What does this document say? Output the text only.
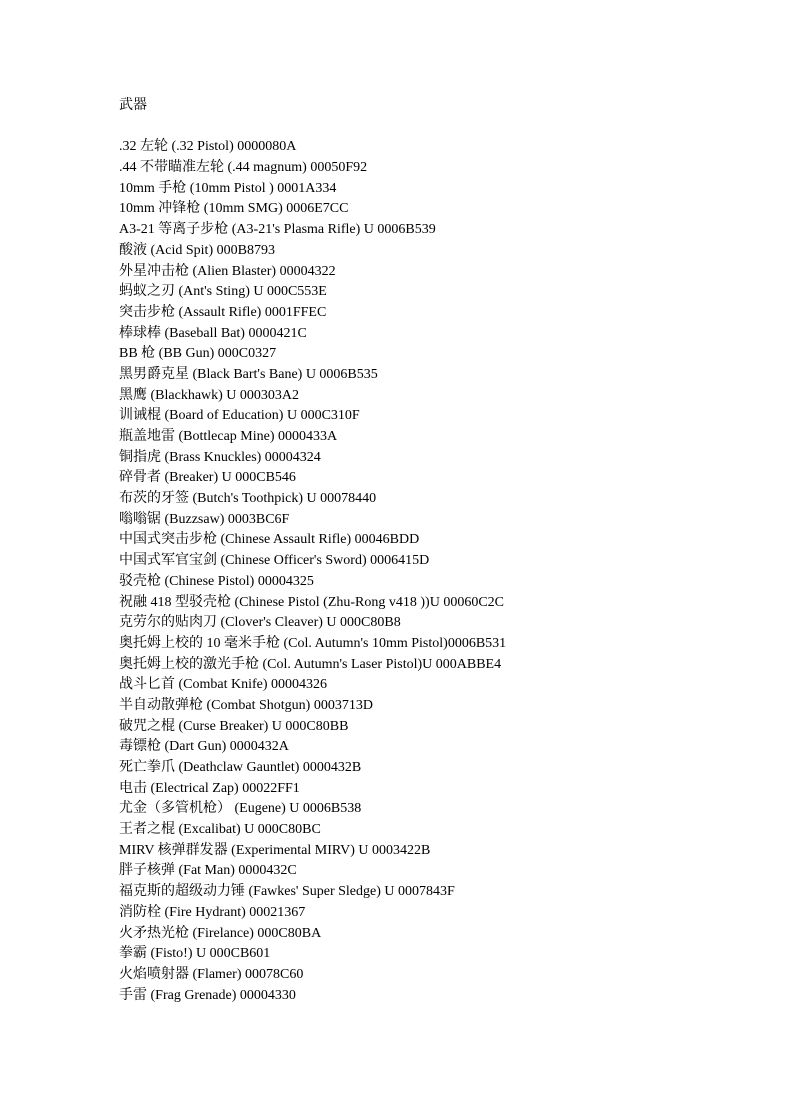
武器
.32 左轮 (.32 Pistol) 0000080A
.44 不带瞄准左轮 (.44 magnum) 00050F92
10mm 手枪 (10mm Pistol ) 0001A334
10mm 冲锋枪 (10mm SMG) 0006E7CC
A3-21 等离子步枪 (A3-21's Plasma Rifle) U 0006B539
酸液 (Acid Spit) 000B8793
外星冲击枪 (Alien Blaster) 00004322
蚂蚁之刃 (Ant's Sting) U 000C553E
突击步枪 (Assault Rifle) 0001FFEC
棒球棒 (Baseball Bat) 0000421C
BB 枪 (BB Gun) 000C0327
黑男爵克星 (Black Bart's Bane) U 0006B535
黑鹰 (Blackhawk) U 000303A2
训诫棍 (Board of Education) U 000C310F
瓶盖地雷 (Bottlecap Mine) 0000433A
铜指虎 (Brass Knuckles) 00004324
碎骨者 (Breaker) U 000CB546
布茨的牙签 (Butch's Toothpick) U 00078440
嗡嗡锯 (Buzzsaw) 0003BC6F
中国式突击步枪 (Chinese Assault Rifle) 00046BDD
中国式军官宝剑 (Chinese Officer's Sword) 0006415D
驳壳枪 (Chinese Pistol) 00004325
祝融 418 型驳壳枪 (Chinese Pistol (Zhu-Rong v418 ))U 00060C2C
克劳尔的贴肉刀 (Clover's Cleaver) U 000C80B8
奥托姆上校的 10 毫米手枪 (Col. Autumn's 10mm Pistol)0006B531
奥托姆上校的激光手枪 (Col. Autumn's Laser Pistol)U 000ABBE4
战斗匕首 (Combat Knife) 00004326
半自动散弹枪 (Combat Shotgun) 0003713D
破咒之棍 (Curse Breaker) U 000C80BB
毒镖枪 (Dart Gun) 0000432A
死亡拳爪 (Deathclaw Gauntlet) 0000432B
电击 (Electrical Zap) 00022FF1
尤金（多管机枪） (Eugene) U 0006B538
王者之棍 (Excalibat) U 000C80BC
MIRV 核弹群发器 (Experimental MIRV) U 0003422B
胖子核弹 (Fat Man) 0000432C
福克斯的超级动力锤 (Fawkes' Super Sledge) U 0007843F
消防栓 (Fire Hydrant) 00021367
火矛热光枪 (Firelance) 000C80BA
拳霸 (Fisto!) U 000CB601
火焰喷射器 (Flamer) 00078C60
手雷 (Frag Grenade) 00004330
